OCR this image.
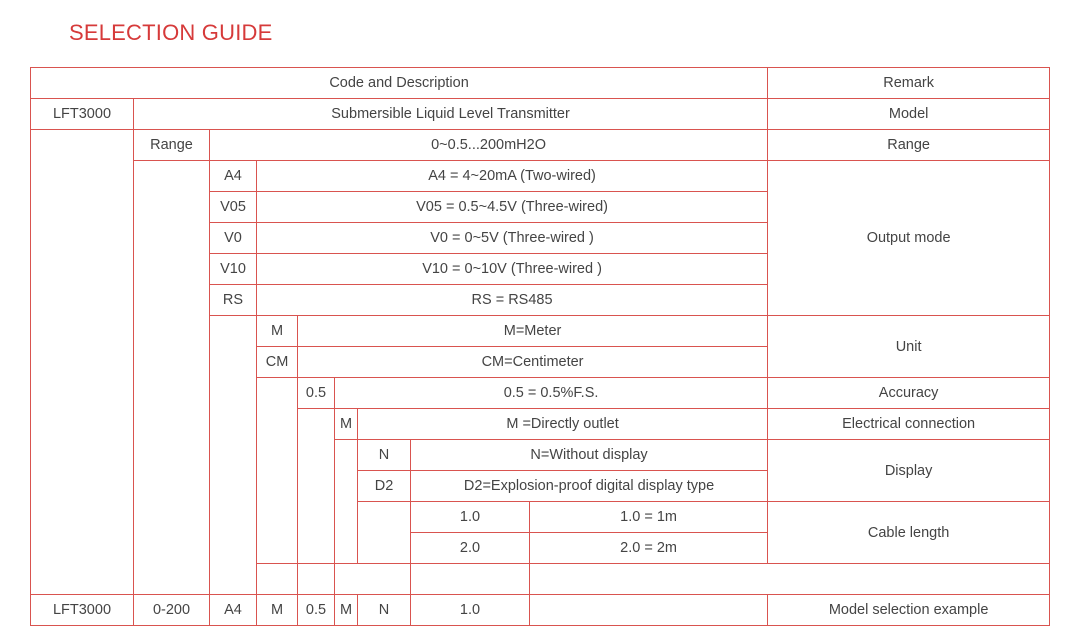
SELECTION GUIDE
Code and Description									Remark
LFT3000	Submersible Liquid Level Transmitter								Model
	Range	0~0.5...200mH2O							Range
		A4	A4 = 4~20mA (Two-wired)						Output mode
		V05	V05 = 0.5~4.5V (Three-wired)						
		V0	V0 = 0~5V (Three-wired )						
		V10	V10 = 0~10V (Three-wired )						
		RS	RS = RS485						
			M	M=Meter					Unit
			CM	CM=Centimeter					
				0.5	0.5 = 0.5%F.S.				Accuracy
					M	M =Directly outlet			Electrical connection
						N	N=Without display		Display
						D2	D2=Explosion-proof digital display type		
							1.0	1.0 = 1m	Cable length
							2.0	2.0 = 2m	

LFT3000	0-200	A4	M	0.5	M	N	1.0		Model selection example
